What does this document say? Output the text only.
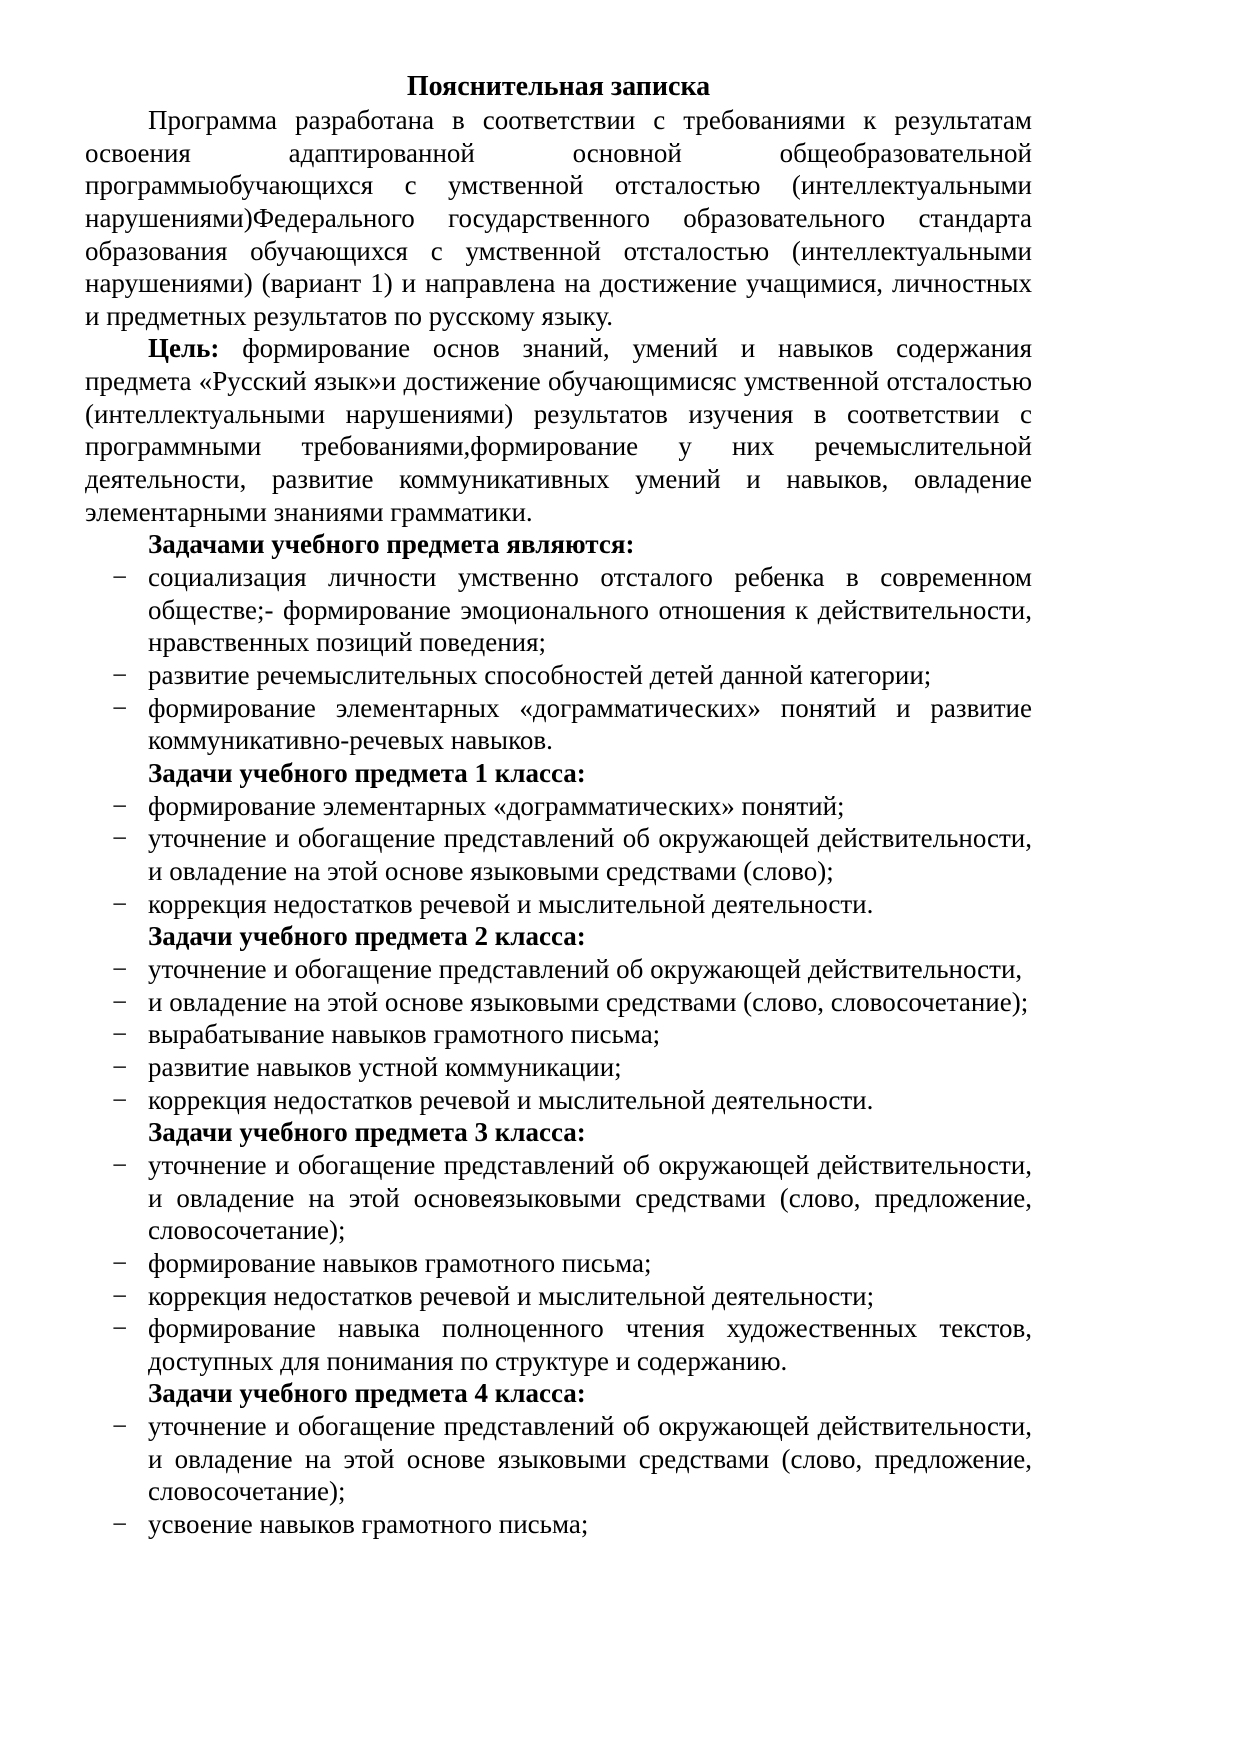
Пояснительная записка

Программа разработана в соответствии с требованиями к результатам освоения адаптированной основной общеобразовательной программыобучающихся с умственной отсталостью (интеллектуальными нарушениями)Федерального государственного образовательного стандарта образования обучающихся с умственной отсталостью (интеллектуальными нарушениями) (вариант 1) и направлена на достижение учащимися, личностных и предметных результатов по русскому языку.

Цель: формирование основ знаний, умений и навыков содержания предмета «Русский язык»и достижение обучающимисяс умственной отсталостью (интеллектуальными нарушениями) результатов изучения в соответствии с программными требованиями,формирование у них речемыслительной деятельности, развитие коммуникативных умений и навыков, овладение элементарными знаниями грамматики.

Задачами учебного предмета являются:

− социализация личности умственно отсталого ребенка в современном обществе;- формирование эмоционального отношения к действительности, нравственных позиций поведения;
− развитие речемыслительных способностей детей данной категории;
− формирование элементарных «дограмматических» понятий и развитие коммуникативно-речевых навыков.

Задачи учебного предмета 1 класса:

− формирование элементарных «дограмматических» понятий;
− уточнение и обогащение представлений об окружающей действительности, и овладение на этой основе языковыми средствами (слово);
− коррекция недостатков речевой и мыслительной деятельности.

Задачи учебного предмета 2 класса:

− уточнение и обогащение представлений об окружающей действительности,
− и овладение на этой основе языковыми средствами (слово, словосочетание);
− вырабатывание навыков грамотного письма;
− развитие навыков устной коммуникации;
− коррекция недостатков речевой и мыслительной деятельности.

Задачи учебного предмета 3 класса:

− уточнение и обогащение представлений об окружающей действительности, и овладение на этой основеязыковыми средствами (слово, предложение, словосочетание);
− формирование навыков грамотного письма;
− коррекция недостатков речевой и мыслительной деятельности;
− формирование навыка полноценного чтения художественных текстов, доступных для понимания по структуре и содержанию.

Задачи учебного предмета 4 класса:

− уточнение и обогащение представлений об окружающей действительности, и овладение на этой основе языковыми средствами (слово, предложение, словосочетание);
− усвоение навыков грамотного письма;
